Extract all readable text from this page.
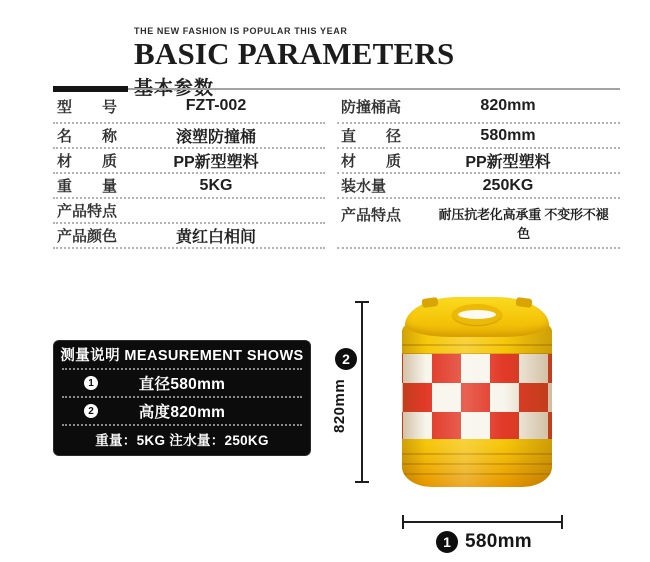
THE NEW FASHION IS POPULAR THIS YEAR
BASIC PARAMETERS
基本参数
型　　号	FZT-002
名　　称	滚塑防撞桶
材　　质	PP新型塑料
重　　量	5KG
产品特点
产品颜色	黄红白相间
防撞桶高	820mm
直　　径	580mm
材　　质	PP新型塑料
装水量	250KG
产品特点	耐压抗老化高承重 不变形不褪色
测量说明 MEASUREMENT SHOWS
1	直径580mm
2	高度820mm
重量：5KG 注水量：250KG
2
820mm
1 580mm
